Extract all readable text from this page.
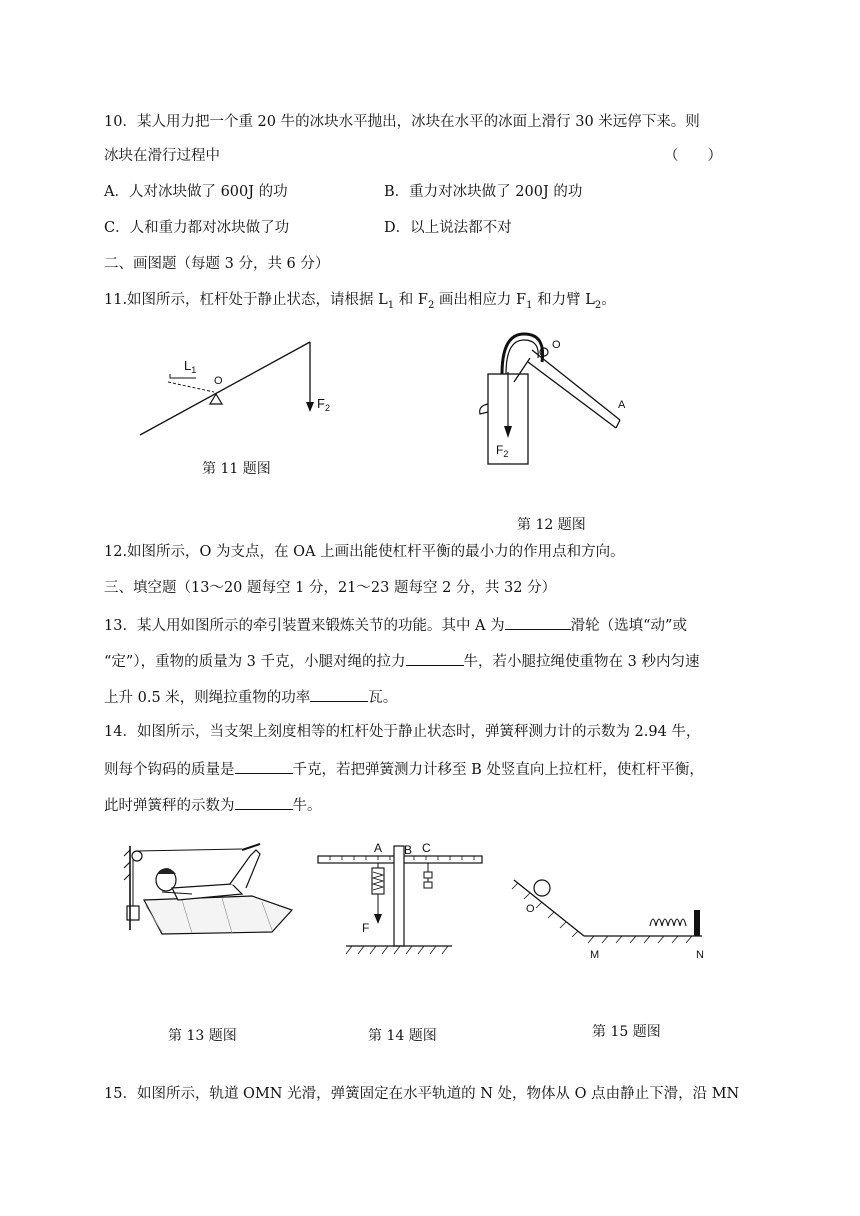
10．某人用力把一个重 20 牛的冰块水平抛出，冰块在水平的冰面上滑行 30 米远停下来。则
冰块在滑行过程中	（　　）
A．人对冰块做了 600J 的功	B．重力对冰块做了 200J 的功
C．人和重力都对冰块做了功	D．以上说法都不对
二、画图题（每题 3 分，共 6 分）
11.如图所示，杠杆处于静止状态，请根据 $L_1$ 和 $F_2$ 画出相应力 $F_1$ 和力臂 $L_2$。
$L_1$
O
$F_2$
第 11 题图
O
A
$F_2$
第 12 题图
12.如图所示，O 为支点，在 OA 上画出能使杠杆平衡的最小力的作用点和方向。
三、填空题（13～20 题每空 1 分，21～23 题每空 2 分，共 32 分）
13．某人用如图所示的牵引装置来锻炼关节的功能。其中 A 为	滑轮（选填“动”或
“定”），重物的质量为 3 千克，小腿对绳的拉力	牛，若小腿拉绳使重物在 3 秒内匀速
上升 0.5 米，则绳拉重物的功率	瓦。
14．如图所示，当支架上刻度相等的杠杆处于静止状态时，弹簧秤测力计的示数为 2.94 牛，
则每个钩码的质量是	千克，若把弹簧测力计移至 B 处竖直向上拉杠杆，使杠杆平衡，
此时弹簧秤的示数为	牛。
第 13 题图
A B C
F
第 14 题图
O
M	N
第 15 题图
15．如图所示，轨道 OMN 光滑，弹簧固定在水平轨道的 N 处，物体从 O 点由静止下滑，沿 MN
